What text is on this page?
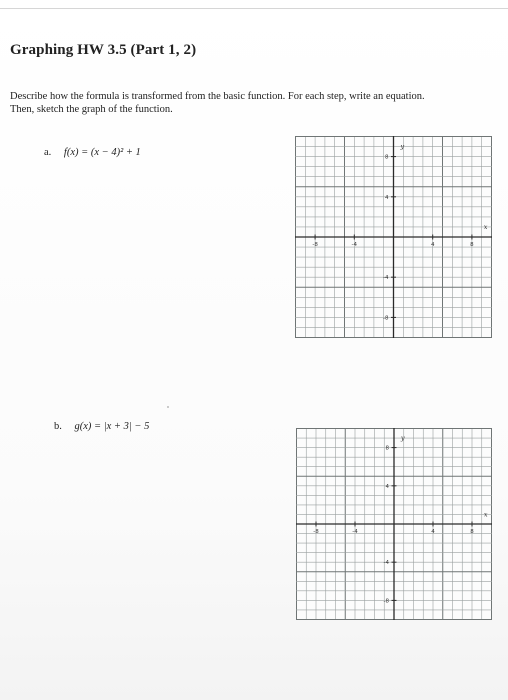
Graphing HW 3.5 (Part 1, 2)
Describe how the formula is transformed from the basic function. For each step, write an equation.
Then, sketch the graph of the function.
a. f(x) = (x − 4)² + 1
-8	-4	4	8
8
4
-4
-8
x
y
b. g(x) = |x + 3| − 5
-8	-4	4	8
8
4
-4
-8
x
y
